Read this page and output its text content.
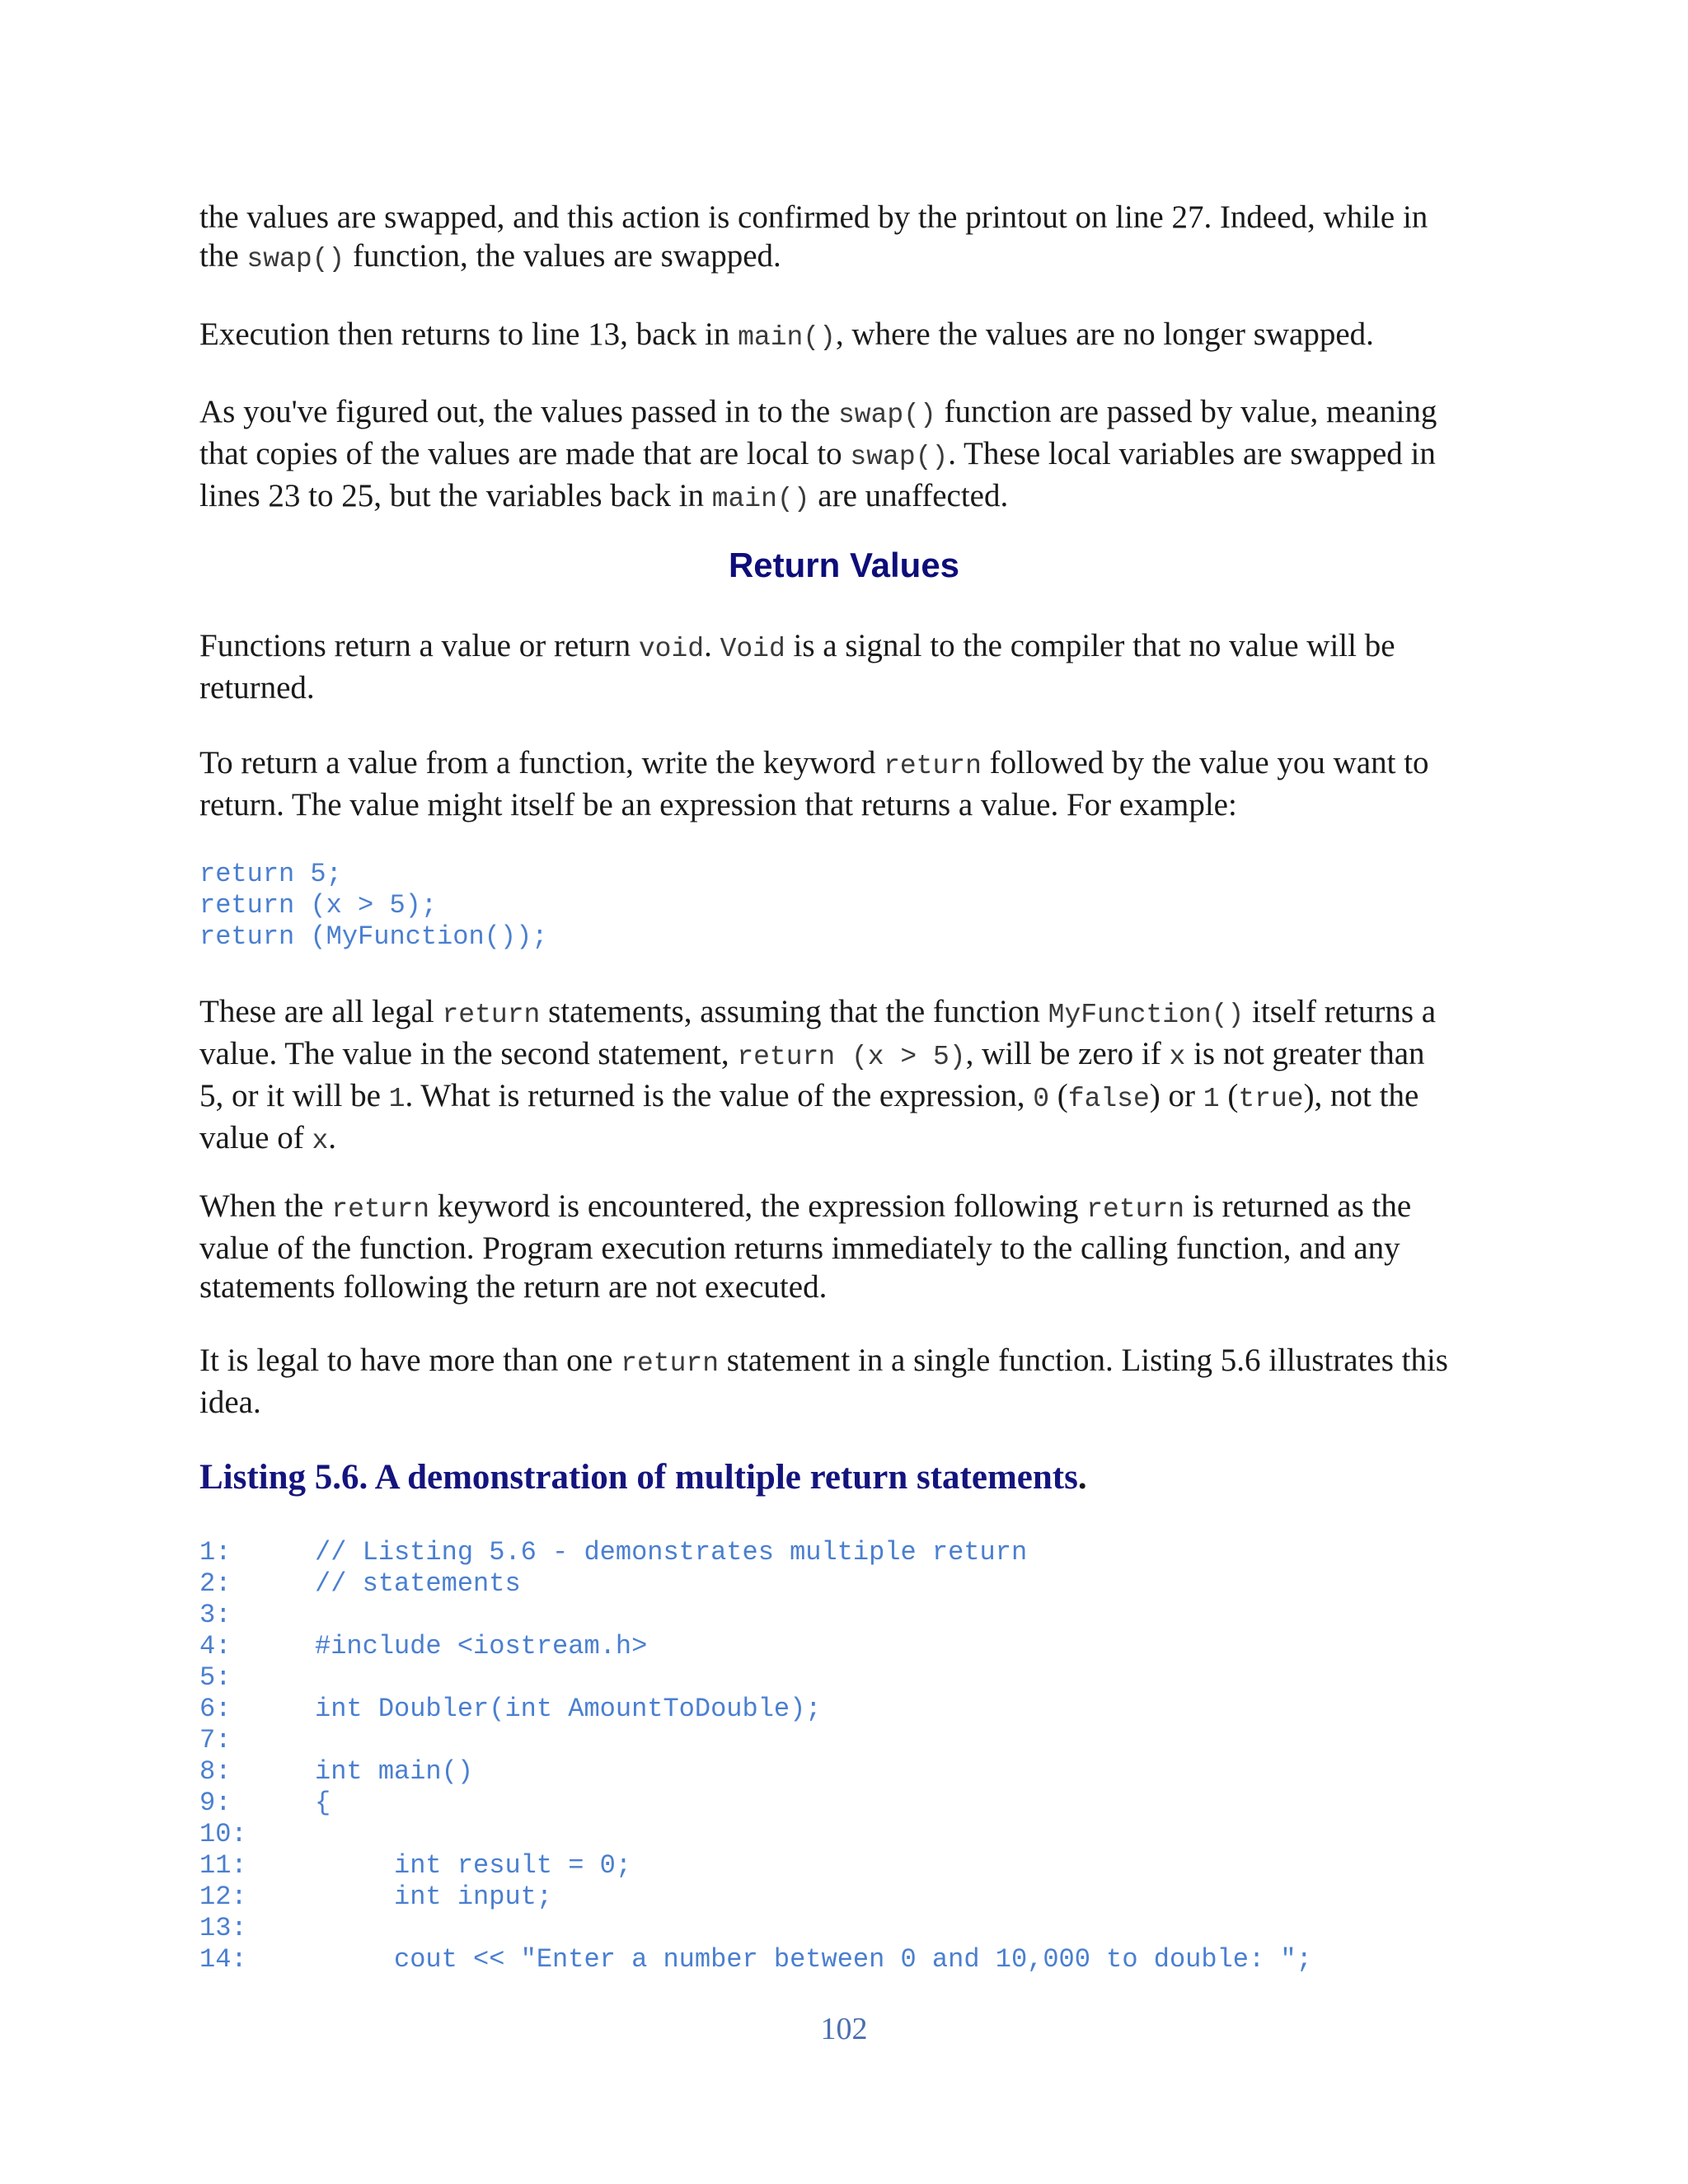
the values are swapped, and this action is confirmed by the printout on line 27. Indeed, while in
the swap() function, the values are swapped.

Execution then returns to line 13, back in main(), where the values are no longer swapped.

As you've figured out, the values passed in to the swap() function are passed by value, meaning
that copies of the values are made that are local to swap(). These local variables are swapped in
lines 23 to 25, but the variables back in main() are unaffected.

Return Values

Functions return a value or return void. Void is a signal to the compiler that no value will be
returned.

To return a value from a function, write the keyword return followed by the value you want to
return. The value might itself be an expression that returns a value. For example:

return 5;
return (x > 5);
return (MyFunction());

These are all legal return statements, assuming that the function MyFunction() itself returns a
value. The value in the second statement, return (x > 5), will be zero if x is not greater than
5, or it will be 1. What is returned is the value of the expression, 0 (false) or 1 (true), not the
value of x.

When the return keyword is encountered, the expression following return is returned as the
value of the function. Program execution returns immediately to the calling function, and any
statements following the return are not executed.

It is legal to have more than one return statement in a single function. Listing 5.6 illustrates this
idea.

Listing 5.6. A demonstration of multiple return statements.
1:	// Listing 5.6 - demonstrates multiple return
2:	// statements
3:
4:	#include <iostream.h>
5:
6:	int Doubler(int AmountToDouble);
7:
8:	int main()
9:	{
10:
11:	int result = 0;
12:	int input;
13:
14:	cout << "Enter a number between 0 and 10,000 to double: ";

102
